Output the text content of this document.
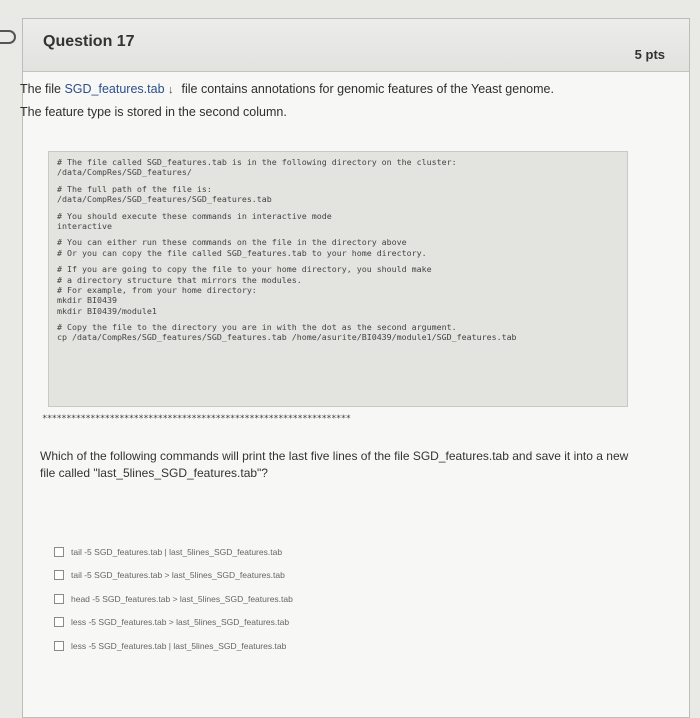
Question 17
5 pts
The file SGD_features.tab ↓ file contains annotations for genomic features of the Yeast genome.
The feature type is stored in the second column.
# The file called SGD_features.tab is in the following directory on the cluster:
/data/CompRes/SGD_features/
# The full path of the file is:
/data/CompRes/SGD_features/SGD_features.tab
# You should execute these commands in interactive mode
interactive
# You can either run these commands on the file in the directory above
# Or you can copy the file called SGD_features.tab to your home directory.
# If you are going to copy the file to your home directory, you should make
# a directory structure that mirrors the modules.
# For example, from your home directory:
mkdir BI0439
mkdir BI0439/module1
# Copy the file to the directory you are in with the dot as the second argument.
cp /data/CompRes/SGD_features/SGD_features.tab /home/asurite/BI0439/module1/SGD_features.tab
****************************************************************
Which of the following commands will print the last five lines of the file SGD_features.tab and save it into a new file called "last_5lines_SGD_features.tab"?
tail -5 SGD_features.tab | last_5lines_SGD_features.tab
tail -5 SGD_features.tab > last_5lines_SGD_features.tab
head -5 SGD_features.tab > last_5lines_SGD_features.tab
less -5 SGD_features.tab > last_5lines_SGD_features.tab
less -5 SGD_features.tab | last_5lines_SGD_features.tab
